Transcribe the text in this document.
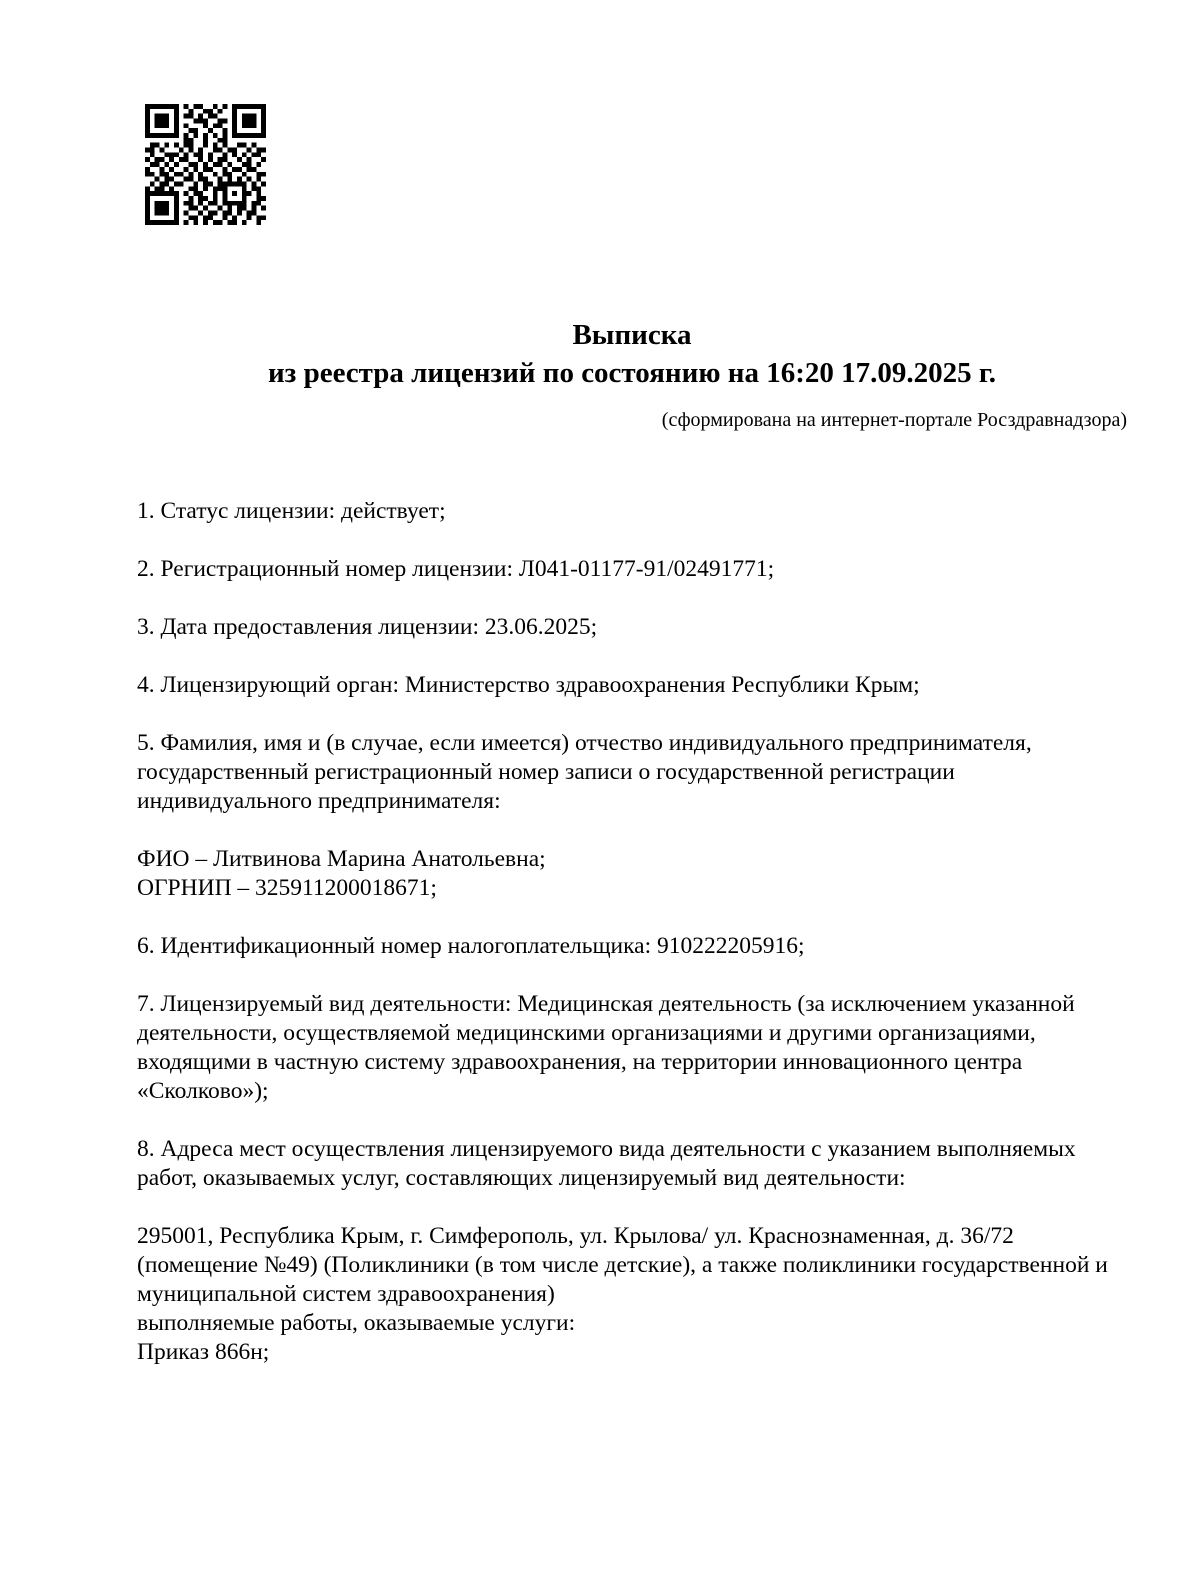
Выписка
из реестра лицензий по состоянию на 16:20 17.09.2025 г.
(сформирована на интернет-портале Росздравнадзора)
1. Статус лицензии: действует;
2. Регистрационный номер лицензии: Л041-01177-91/02491771;
3. Дата предоставления лицензии: 23.06.2025;
4. Лицензирующий орган: Министерство здравоохранения Республики Крым;
5. Фамилия, имя и (в случае, если имеется) отчество индивидуального предпринимателя,
государственный регистрационный номер записи о государственной регистрации
индивидуального предпринимателя:
ФИО – Литвинова Марина Анатольевна;
ОГРНИП – 325911200018671;
6. Идентификационный номер налогоплательщика: 910222205916;
7. Лицензируемый вид деятельности: Медицинская деятельность (за исключением указанной
деятельности, осуществляемой медицинскими организациями и другими организациями,
входящими в частную систему здравоохранения, на территории инновационного центра
«Сколково»);
8. Адреса мест осуществления лицензируемого вида деятельности с указанием выполняемых
работ, оказываемых услуг, составляющих лицензируемый вид деятельности:
295001, Республика Крым, г. Симферополь, ул. Крылова/ ул. Краснознаменная, д. 36/72
(помещение №49) (Поликлиники (в том числе детские), а также поликлиники государственной и
муниципальной систем здравоохранения)
выполняемые работы, оказываемые услуги:
Приказ 866н;
